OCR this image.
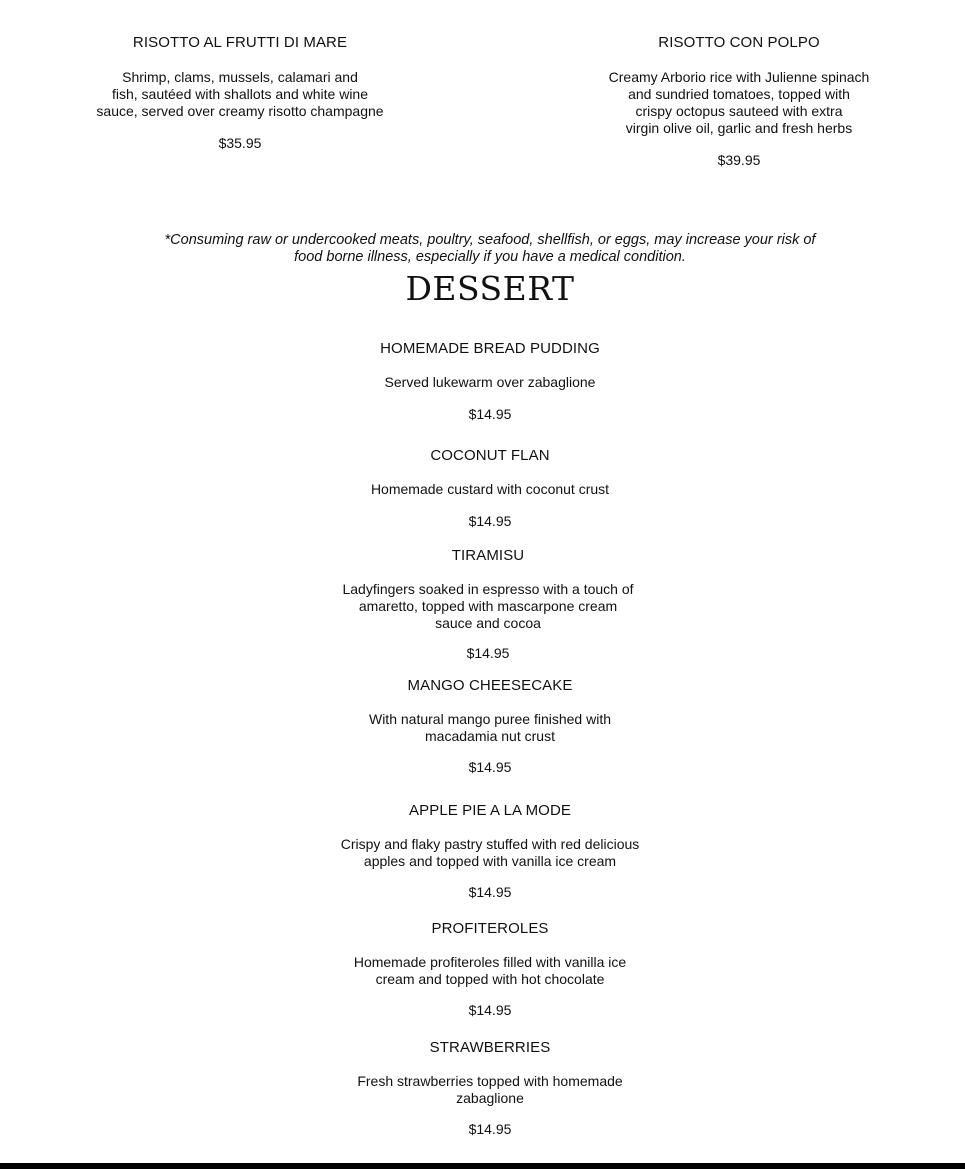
RISOTTO AL FRUTTI DI MARE
Shrimp, clams, mussels, calamari and
fish, sautéed with shallots and white wine
sauce, served over creamy risotto champagne
$35.95
RISOTTO CON POLPO
Creamy Arborio rice with Julienne spinach
and sundried tomatoes, topped with
crispy octopus sauteed with extra
virgin olive oil, garlic and fresh herbs
$39.95
*Consuming raw or undercooked meats, poultry, seafood, shellfish, or eggs, may increase your risk of
food borne illness, especially if you have a medical condition.
DESSERT
HOMEMADE BREAD PUDDING
Served lukewarm over zabaglione
$14.95
COCONUT FLAN
Homemade custard with coconut crust
$14.95
TIRAMISU
Ladyfingers soaked in espresso with a touch of
amaretto, topped with mascarpone cream
sauce and cocoa
$14.95
MANGO CHEESECAKE
With natural mango puree finished with
macadamia nut crust
$14.95
APPLE PIE A LA MODE
Crispy and flaky pastry stuffed with red delicious
apples and topped with vanilla ice cream
$14.95
PROFITEROLES
Homemade profiteroles filled with vanilla ice
cream and topped with hot chocolate
$14.95
STRAWBERRIES
Fresh strawberries topped with homemade
zabaglione
$14.95
